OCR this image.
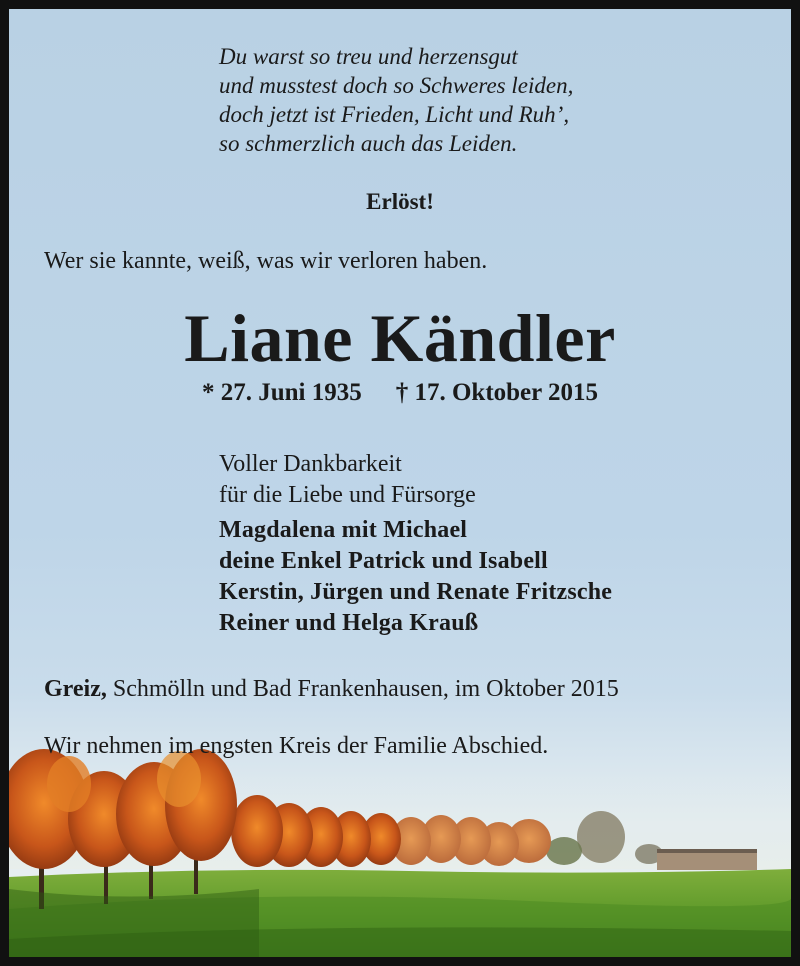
Du warst so treu und herzensgut
und musstest doch so Schweres leiden,
doch jetzt ist Frieden, Licht und Ruh’,
so schmerzlich auch das Leiden.
Erlöst!
Wer sie kannte, weiß, was wir verloren haben.
Liane Kändler
* 27. Juni 1935 † 17. Oktober 2015
Voller Dankbarkeit
für die Liebe und Fürsorge
Magdalena mit Michael
deine Enkel Patrick und Isabell
Kerstin, Jürgen und Renate Fritzsche
Reiner und Helga Krauß
Greiz, Schmölln und Bad Frankenhausen, im Oktober 2015
Wir nehmen im engsten Kreis der Familie Abschied.
